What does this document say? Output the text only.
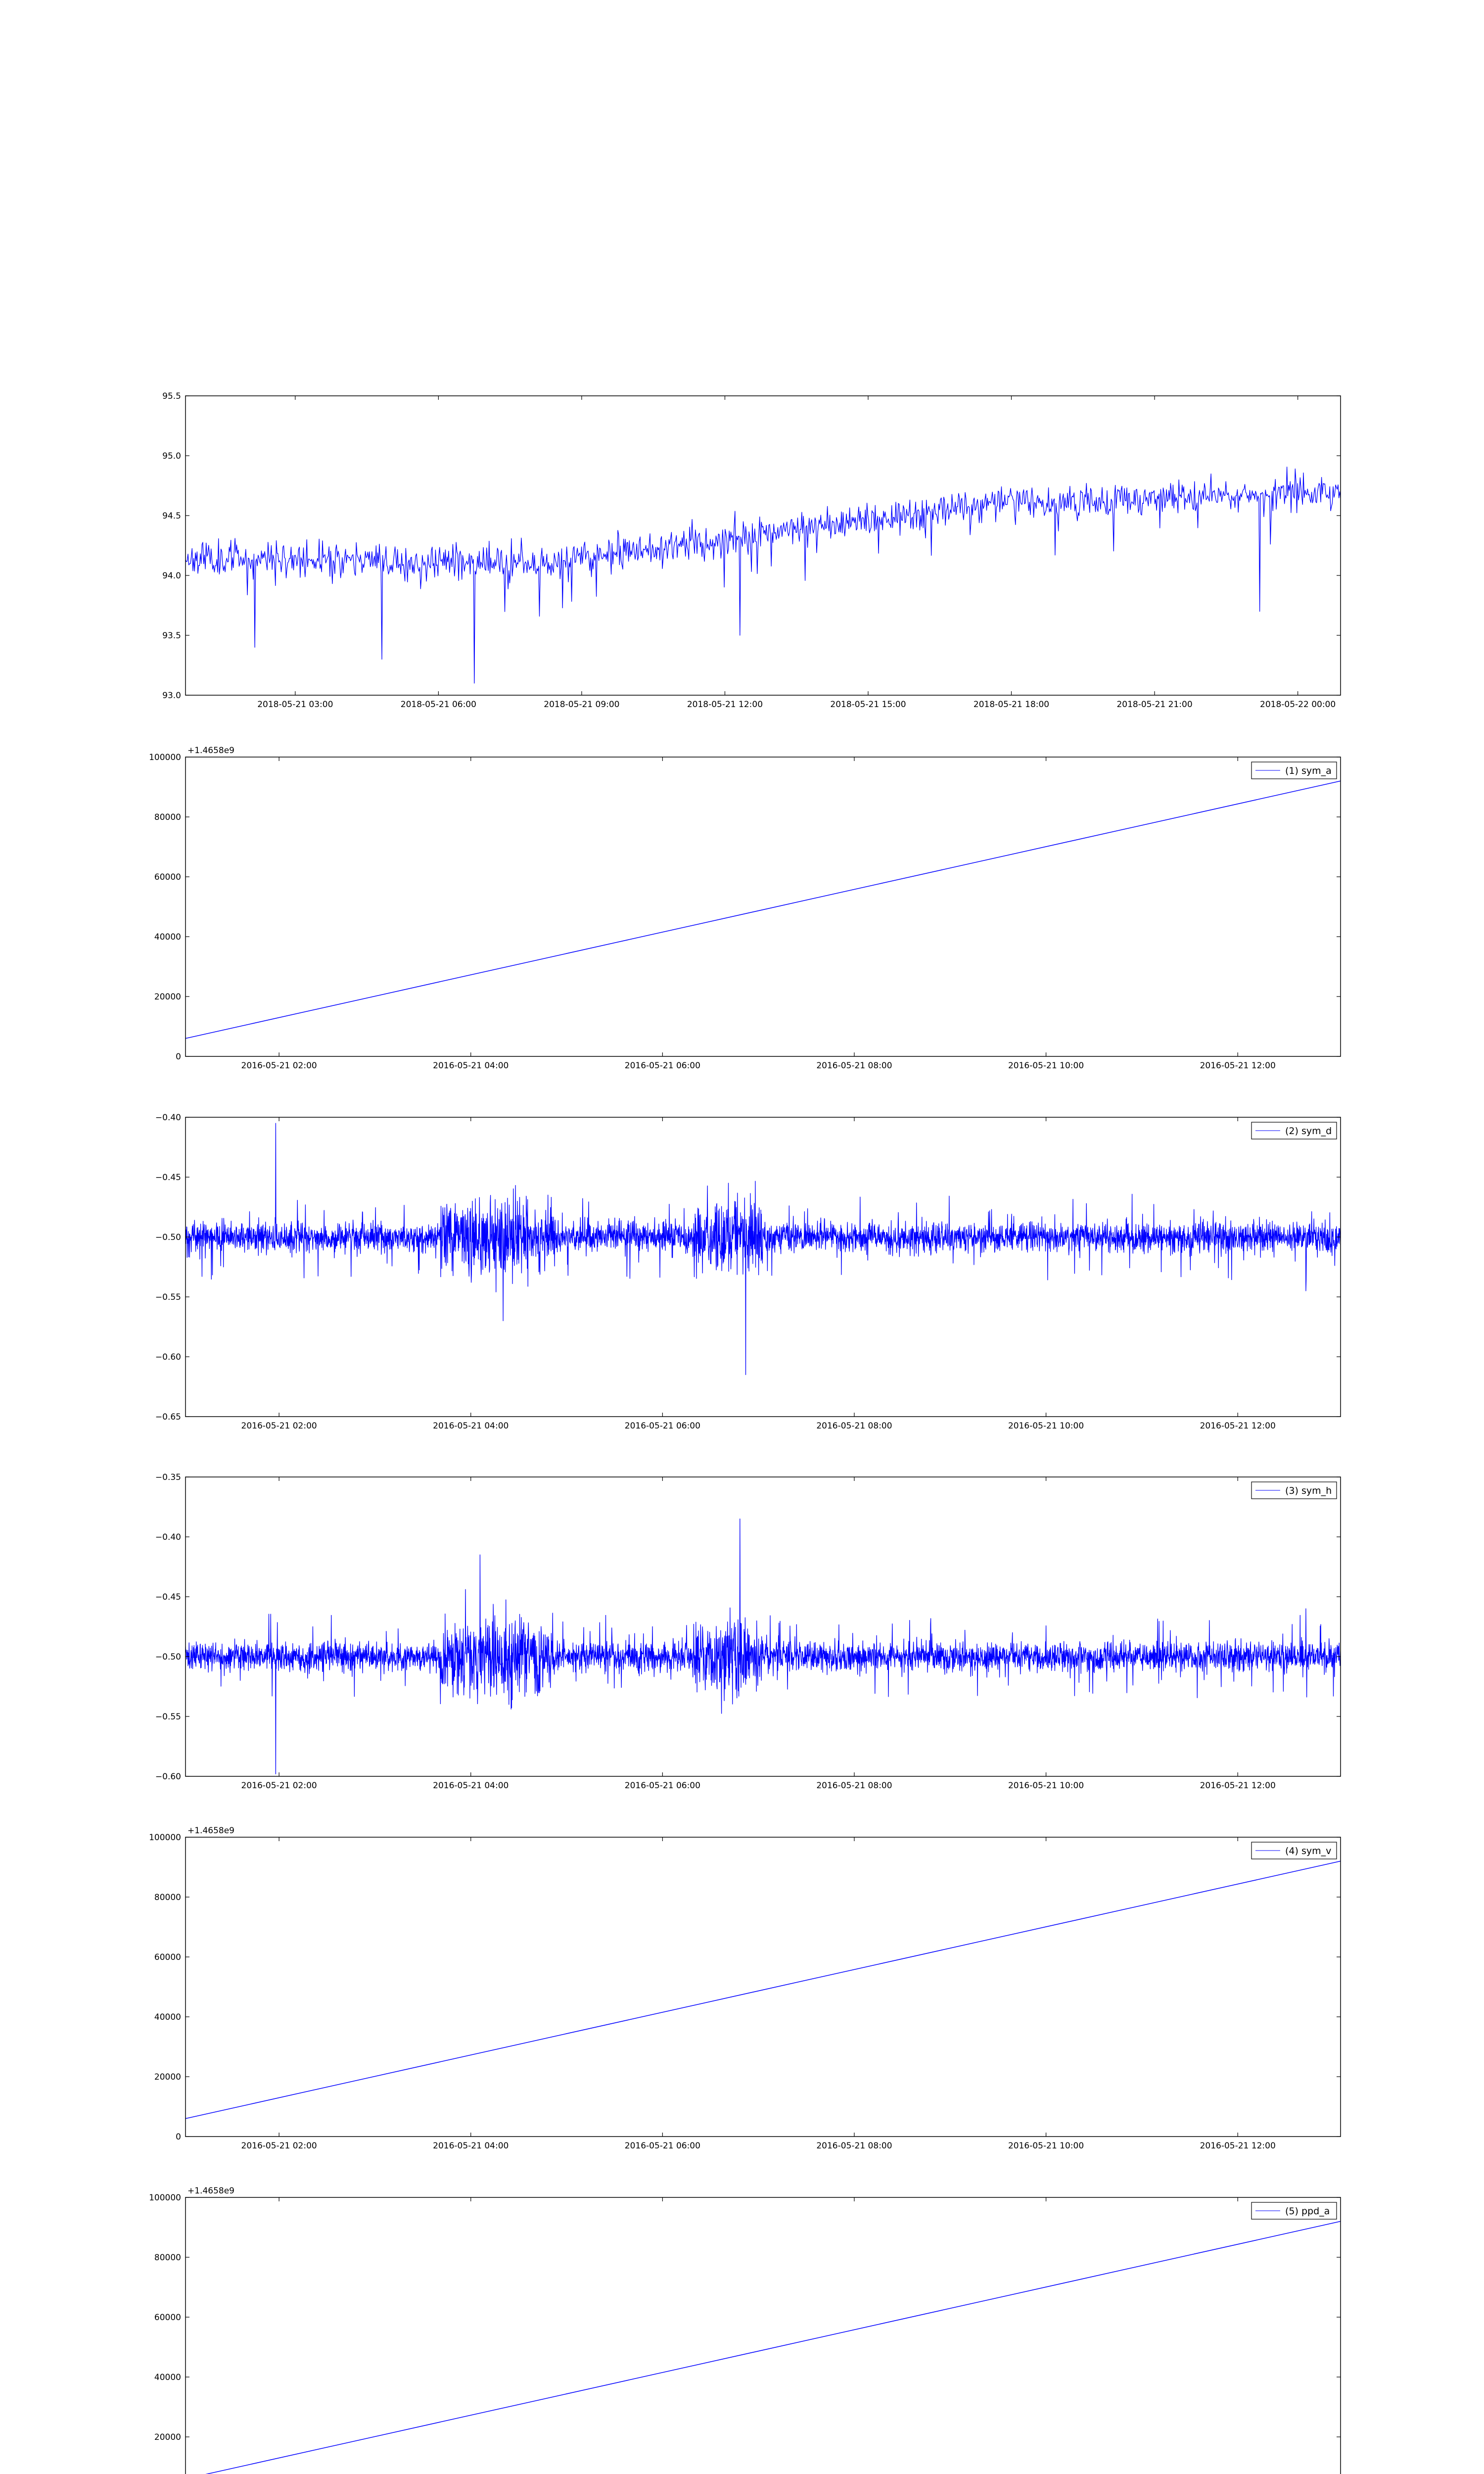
93.0
93.5
94.0
94.5
95.0
95.5
2018-05-21 03:00	2018-05-21 06:00	2018-05-21 09:00	2018-05-21 12:00	2018-05-21 15:00	2018-05-21 18:00	2018-05-21 21:00	2018-05-22 00:00
0
20000
40000
60000
80000
100000
2016-05-21 02:00	2016-05-21 04:00	2016-05-21 06:00	2016-05-21 08:00	2016-05-21 10:00	2016-05-21 12:00
+1.4658e9
(1) sym_a
−0.65
−0.60
−0.55
−0.50
−0.45
−0.40
2016-05-21 02:00	2016-05-21 04:00	2016-05-21 06:00	2016-05-21 08:00	2016-05-21 10:00	2016-05-21 12:00
(2) sym_d
−0.60
−0.55
−0.50
−0.45
−0.40
−0.35
2016-05-21 02:00	2016-05-21 04:00	2016-05-21 06:00	2016-05-21 08:00	2016-05-21 10:00	2016-05-21 12:00
(3) sym_h
0
20000
40000
60000
80000
100000
2016-05-21 02:00	2016-05-21 04:00	2016-05-21 06:00	2016-05-21 08:00	2016-05-21 10:00	2016-05-21 12:00
+1.4658e9
(4) sym_v
20000
40000
60000
80000
100000
+1.4658e9
(5) ppd_a
